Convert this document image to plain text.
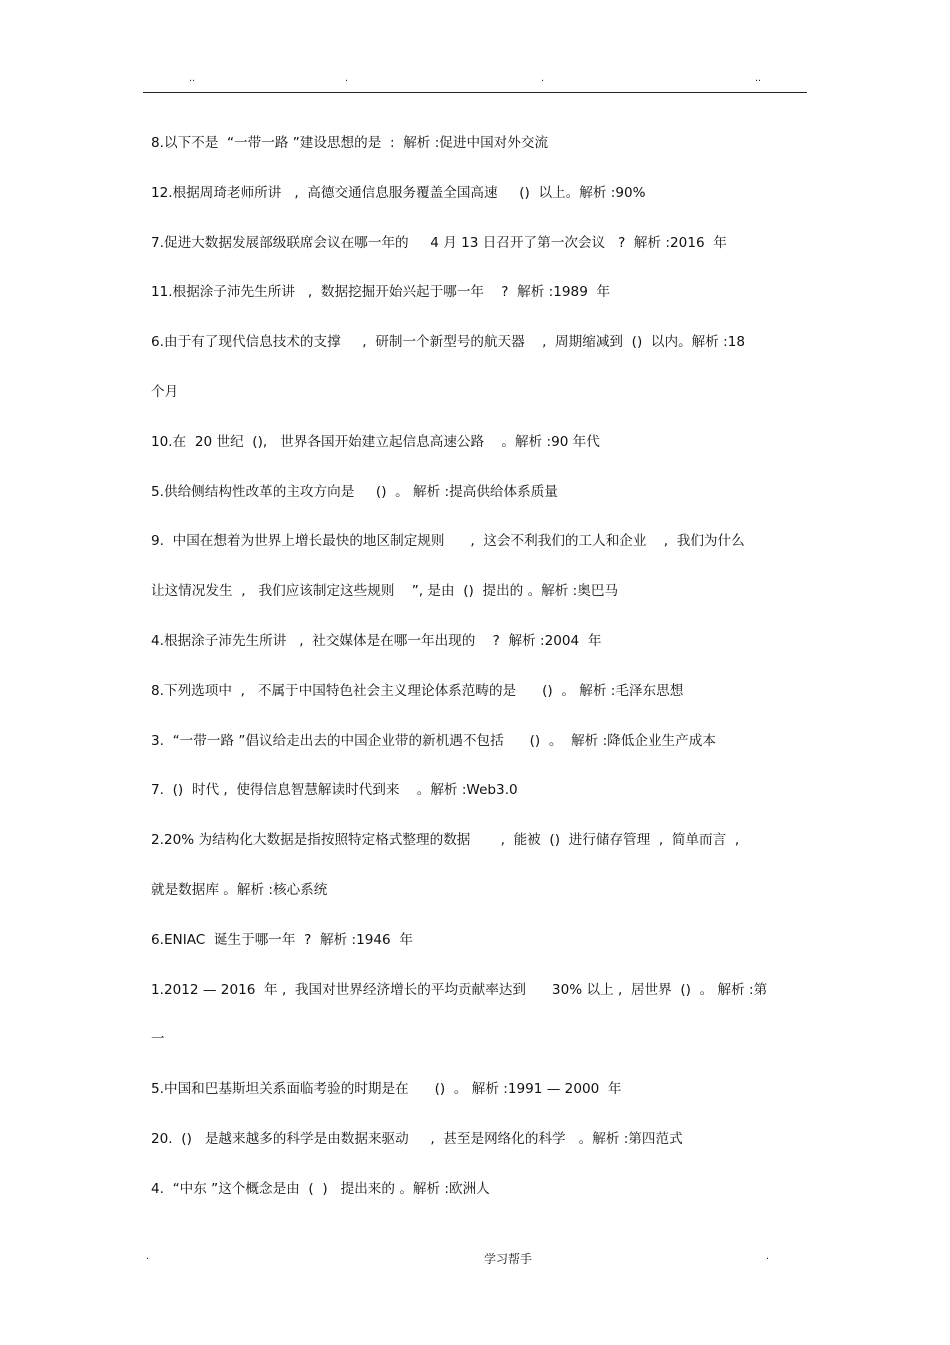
..	.	.	..
8.以下不是  “一带一路 ”建设思想的是  :  解析 :促进中国对外交流
12.根据周琦老师所讲   ,  高德交通信息服务覆盖全国高速     ()  以上。解析 :90%
7.促进大数据发展部级联席会议在哪一年的     4 月 13 日召开了第一次会议   ?  解析 :2016  年
11.根据涂子沛先生所讲   ,  数据挖掘开始兴起于哪一年    ?  解析 :1989  年
6.由于有了现代信息技术的支撑     ,  研制一个新型号的航天器    ,  周期缩减到  ()  以内。解析 :18
个月
10.在  20 世纪  (),   世界各国开始建立起信息高速公路    。解析 :90 年代
5.供给侧结构性改革的主攻方向是     ()  。 解析 :提高供给体系质量
9.  中国在想着为世界上增长最快的地区制定规则      ,  这会不利我们的工人和企业    ,  我们为什么
让这情况发生  ,   我们应该制定这些规则    ”, 是由  ()  提出的 。解析 :奥巴马
4.根据涂子沛先生所讲   ,  社交媒体是在哪一年出现的    ?  解析 :2004  年
8.下列选项中  ,   不属于中国特色社会主义理论体系范畴的是      ()  。 解析 :毛泽东思想
3.  “一带一路 ”倡议给走出去的中国企业带的新机遇不包括      ()  。  解析 :降低企业生产成本
7.  ()  时代 ,  使得信息智慧解读时代到来    。解析 :Web3.0
2.20% 为结构化大数据是指按照特定格式整理的数据       ,  能被  ()  进行储存管理  ,  简单而言  ,
就是数据库 。解析 :核心系统
6.ENIAC  诞生于哪一年  ?  解析 :1946  年
1.2012 — 2016  年 ,  我国对世界经济增长的平均贡献率达到      30% 以上 ,  居世界  ()  。 解析 :第
一
5.中国和巴基斯坦关系面临考验的时期是在      ()  。 解析 :1991 — 2000  年
20.  ()   是越来越多的科学是由数据来驱动     ,  甚至是网络化的科学   。解析 :第四范式
4.  “中东 ”这个概念是由  (  )   提出来的 。解析 :欧洲人
.	学习帮手	.
